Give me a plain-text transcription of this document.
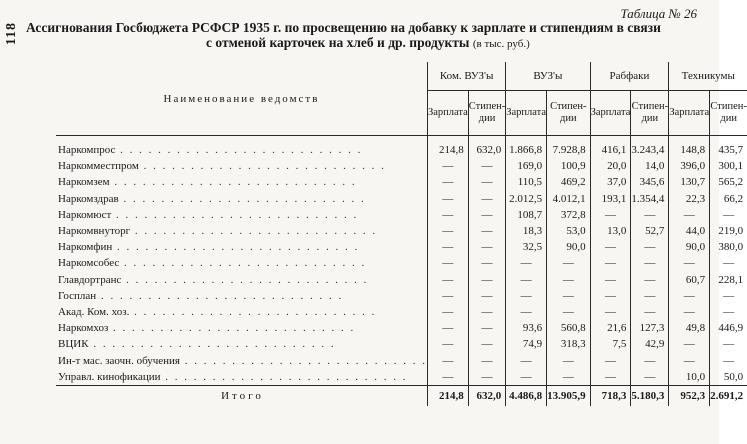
118
Таблица № 26
Ассигнования Госбюджета РСФСР 1935 г. по просвещению на добавку к зарплате и стипендиям в связи
с отменой карточек на хлеб и др. продукты (в тыс. руб.)
Наименование ведомств	Ком. ВУЗ'ы		ВУЗ'ы		Рабфаки		Техникумы	
	Зарплата	Стипен-дии	Зарплата	Стипен-дии	Зарплата	Стипен-дии	Зарплата	Стипен-дии
Наркомпрос . . . . . . . . . . . . . . . . . . . . . . . . . .	214,8	632,0	1.866,8	7.928,8	416,1	3.243,4	148,8	435,7
Наркомместпром . . . . . . . . . . . . . . . . . . . . . . . . . .	—	—	169,0	100,9	20,0	14,0	396,0	300,1
Наркомзем . . . . . . . . . . . . . . . . . . . . . . . . . .	—	—	110,5	469,2	37,0	345,6	130,7	565,2
Наркомздрав . . . . . . . . . . . . . . . . . . . . . . . . . .	—	—	2.012,5	4.012,1	193,1	1.354,4	22,3	66,2
Наркомюст . . . . . . . . . . . . . . . . . . . . . . . . . .	—	—	108,7	372,8	—	—	—	—
Наркомвнуторг . . . . . . . . . . . . . . . . . . . . . . . . . .	—	—	18,3	53,0	13,0	52,7	44,0	219,0
Наркомфин . . . . . . . . . . . . . . . . . . . . . . . . . .	—	—	32,5	90,0	—	—	90,0	380,0
Наркомсобес . . . . . . . . . . . . . . . . . . . . . . . . . .	—	—	—	—	—	—	—	—
Главдортранс . . . . . . . . . . . . . . . . . . . . . . . . . .	—	—	—	—	—	—	60,7	228,1
Госплан . . . . . . . . . . . . . . . . . . . . . . . . . .	—	—	—	—	—	—	—	—
Акад. Ком. хоз. . . . . . . . . . . . . . . . . . . . . . . . . . .	—	—	—	—	—	—	—	—
Наркомхоз . . . . . . . . . . . . . . . . . . . . . . . . . .	—	—	93,6	560,8	21,6	127,3	49,8	446,9
ВЦИК . . . . . . . . . . . . . . . . . . . . . . . . . .	—	—	74,9	318,3	7,5	42,9	—	—
Ин-т мас. заочн. обучения . . . . . . . . . . . . . . . . . . . . . . . . . .	—	—	—	—	—	—	—	—
Управл. кинофикации . . . . . . . . . . . . . . . . . . . . . . . . . .	—	—	—	—	—	—	10,0	50,0
Итого	214,8	632,0	4.486,8	13.905,9	718,3	5.180,3	952,3	2.691,2
